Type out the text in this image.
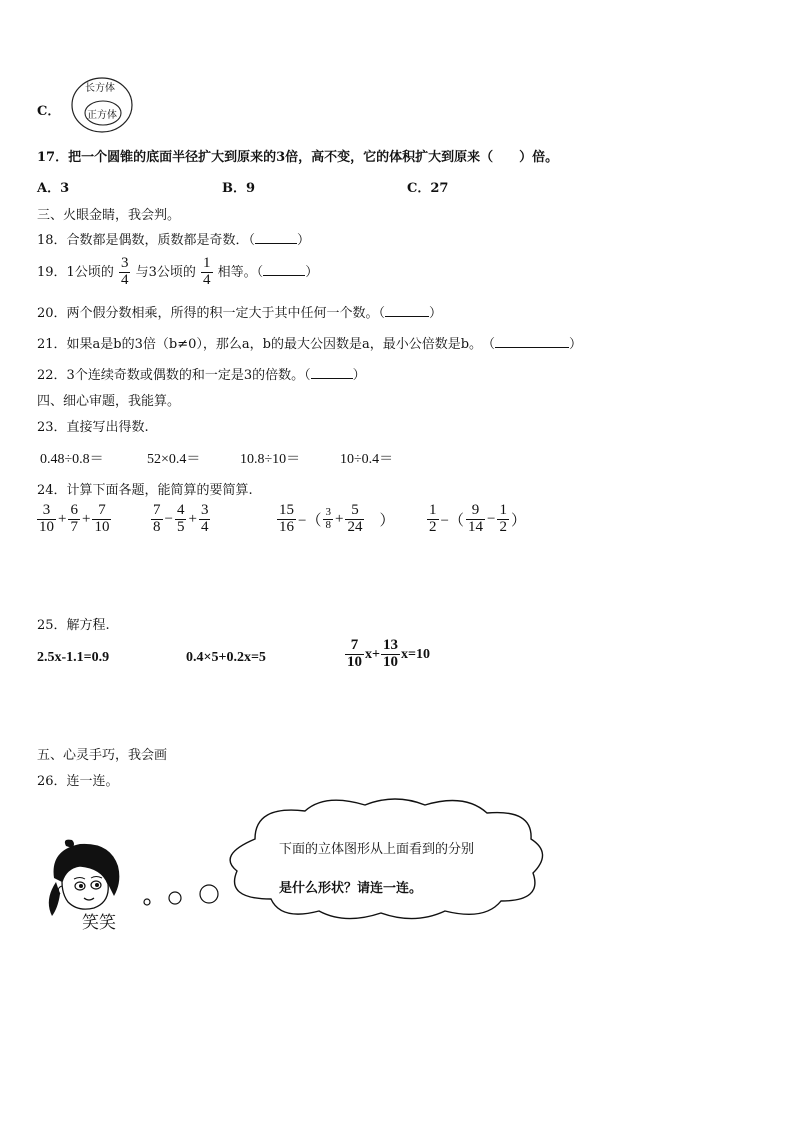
C．
长方体
正方体
17．把一个圆锥的底面半径扩大到原来的3倍，高不变，它的体积扩大到原来（　　）倍。
A．3	B．9	C．27
三、火眼金睛，我会判。
18．合数都是偶数，质数都是奇数．（	）
19．1公顷的 $\frac{3}{4}$ 与3公顷的 $\frac{1}{4}$ 相等。（	）
20．两个假分数相乘，所得的积一定大于其中任何一个数。（	）
21．如果a是b的3倍（b≠0），那么a，b的最大公因数是a，最小公倍数是b。　（	）
22．3个连续奇数或偶数的和一定是3的倍数。（	）
四、细心审题，我能算。
23．直接写出得数.
0.48÷0.8＝	52×0.4＝	10.8÷10＝	10÷0.4＝
24．计算下面各题，能简算的要简算.
$\frac{3}{10} + \frac{6}{7} + \frac{7}{10}$	$\frac{7}{8} - \frac{4}{5} + \frac{3}{4}$	$\frac{15}{16}$ −（ $\frac{3}{8} + \frac{5}{24}$ ） $\frac{1}{2}$ −（ $\frac{9}{14} - \frac{1}{2}$ ）
25．解方程.
2.5x-1.1=0.9	0.4×5+0.2x=5	$\frac{7}{10} x+ \frac{13}{10} x=10$
五、心灵手巧，我会画
26．连一连。
笑笑
下面的立体图形从上面看到的分别
是什么形状？请连一连。
